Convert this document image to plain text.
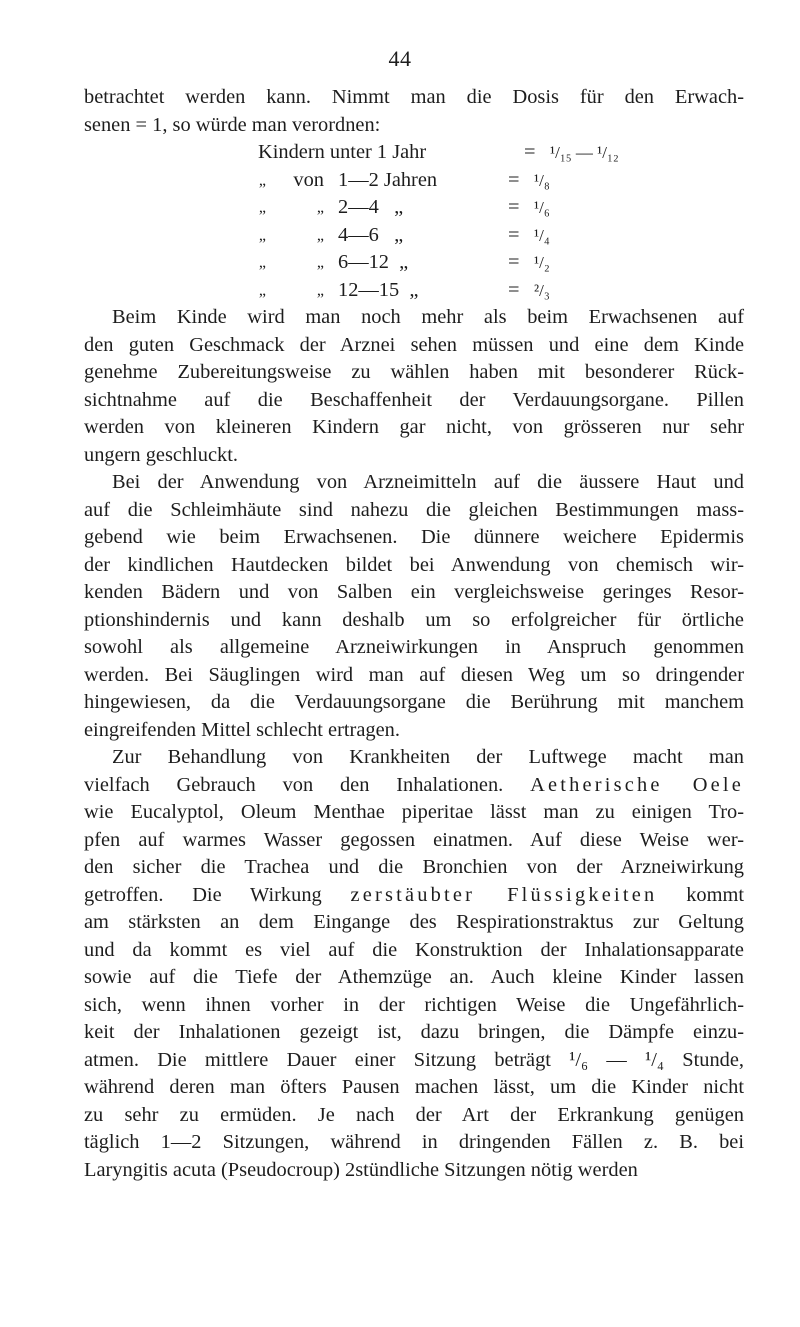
44
betrachtet werden kann. Nimmt man die Dosis für den Erwach-
senen = 1, so würde man verordnen:
Kindern unter 1 Jahr	= ¹/₁₅ — ¹/₁₂
„	von 1—2 Jahren	= ¹/₈
„	„ 2—4   „	= ¹/₆
„	„ 4—6   „	= ¹/₄
„	„ 6—12  „	= ¹/₂
„	„ 12—15  „	= ²/₃
Beim Kinde wird man noch mehr als beim Erwachsenen auf
den guten Geschmack der Arznei sehen müssen und eine dem Kinde
genehme Zubereitungsweise zu wählen haben mit besonderer Rück-
sichtnahme auf die Beschaffenheit der Verdauungsorgane. Pillen
werden von kleineren Kindern gar nicht, von grösseren nur sehr
ungern geschluckt.
Bei der Anwendung von Arzneimitteln auf die äussere Haut und
auf die Schleimhäute sind nahezu die gleichen Bestimmungen mass-
gebend wie beim Erwachsenen. Die dünnere weichere Epidermis
der kindlichen Hautdecken bildet bei Anwendung von chemisch wir-
kenden Bädern und von Salben ein vergleichsweise geringes Resor-
ptionshindernis und kann deshalb um so erfolgreicher für örtliche
sowohl als allgemeine Arzneiwirkungen in Anspruch genommen
werden. Bei Säuglingen wird man auf diesen Weg um so dringender
hingewiesen, da die Verdauungsorgane die Berührung mit manchem
eingreifenden Mittel schlecht ertragen.
Zur Behandlung von Krankheiten der Luftwege macht man
vielfach Gebrauch von den Inhalationen. Aetherische Oele
wie Eucalyptol, Oleum Menthae piperitae lässt man zu einigen Tro-
pfen auf warmes Wasser gegossen einatmen. Auf diese Weise wer-
den sicher die Trachea und die Bronchien von der Arzneiwirkung
getroffen. Die Wirkung zerstäubter Flüssigkeiten kommt
am stärksten an dem Eingange des Respirationstraktus zur Geltung
und da kommt es viel auf die Konstruktion der Inhalationsapparate
sowie auf die Tiefe der Athemzüge an. Auch kleine Kinder lassen
sich, wenn ihnen vorher in der richtigen Weise die Ungefährlich-
keit der Inhalationen gezeigt ist, dazu bringen, die Dämpfe einzu-
atmen. Die mittlere Dauer einer Sitzung beträgt ¹/₆ — ¹/₄ Stunde,
während deren man öfters Pausen machen lässt, um die Kinder nicht
zu sehr zu ermüden. Je nach der Art der Erkrankung genügen
täglich 1—2 Sitzungen, während in dringenden Fällen z. B. bei
Laryngitis acuta (Pseudocroup) 2stündliche Sitzungen nötig werden
